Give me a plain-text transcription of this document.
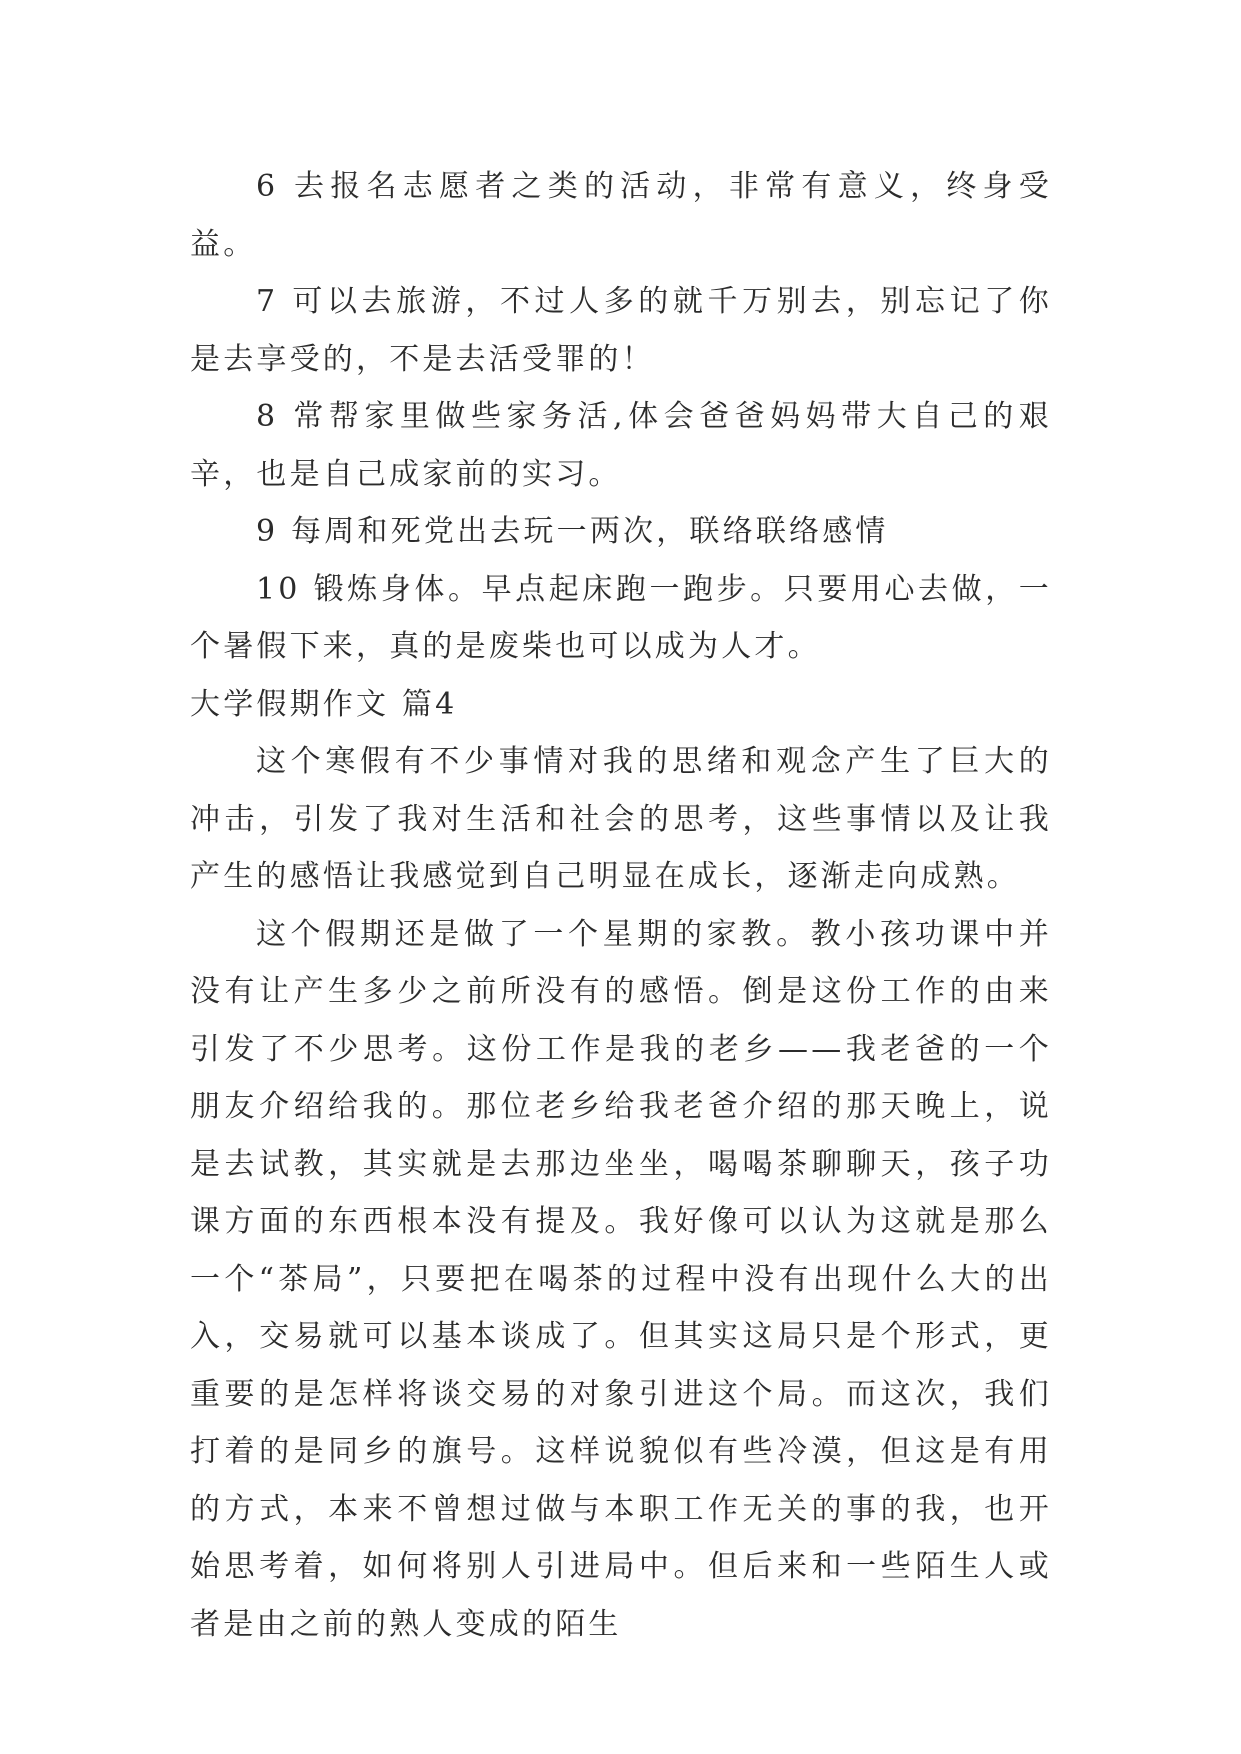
6 去报名志愿者之类的活动，非常有意义，终身受益。

7 可以去旅游，不过人多的就千万别去，别忘记了你是去享受的，不是去活受罪的！

8 常帮家里做些家务活,体会爸爸妈妈带大自己的艰辛，也是自己成家前的实习。

9 每周和死党出去玩一两次，联络联络感情

10 锻炼身体。早点起床跑一跑步。只要用心去做，一个暑假下来，真的是废柴也可以成为人才。

大学假期作文 篇4

这个寒假有不少事情对我的思绪和观念产生了巨大的冲击，引发了我对生活和社会的思考，这些事情以及让我产生的感悟让我感觉到自己明显在成长，逐渐走向成熟。

这个假期还是做了一个星期的家教。教小孩功课中并没有让产生多少之前所没有的感悟。倒是这份工作的由来引发了不少思考。这份工作是我的老乡——我老爸的一个朋友介绍给我的。那位老乡给我老爸介绍的那天晚上，说是去试教，其实就是去那边坐坐，喝喝茶聊聊天，孩子功课方面的东西根本没有提及。我好像可以认为这就是那么一个“茶局”，只要把在喝茶的过程中没有出现什么大的出入，交易就可以基本谈成了。但其实这局只是个形式，更重要的是怎样将谈交易的对象引进这个局。而这次，我们打着的是同乡的旗号。这样说貌似有些冷漠，但这是有用的方式，本来不曾想过做与本职工作无关的事的我，也开始思考着，如何将别人引进局中。但后来和一些陌生人或者是由之前的熟人变成的陌生
